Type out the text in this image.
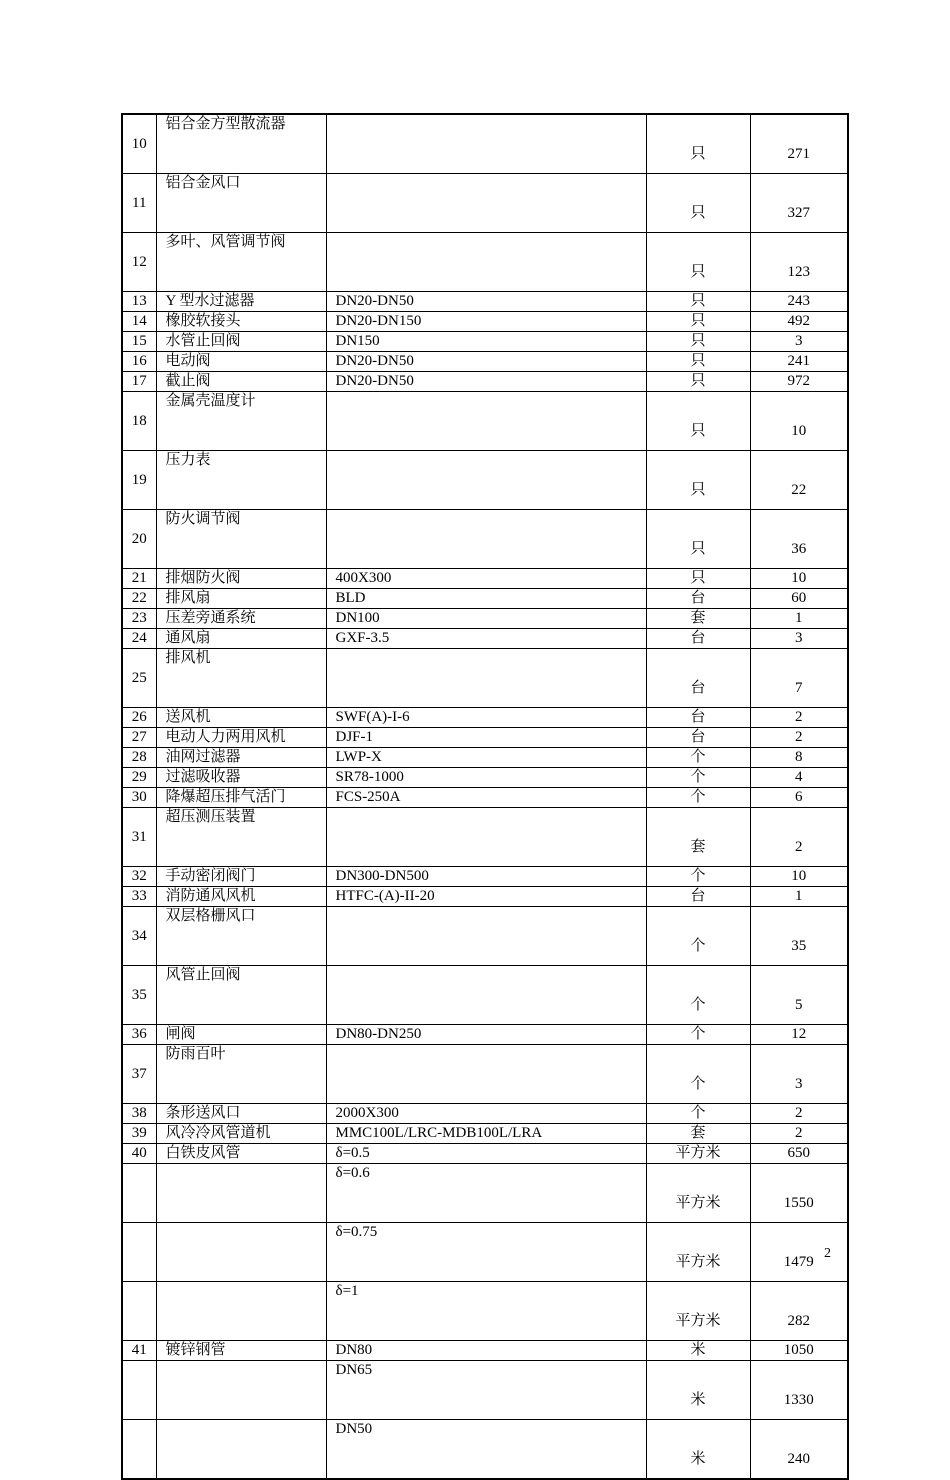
10	铝合金方型散流器		只	271
11	铝合金风口		只	327
12	多叶、风管调节阀		只	123
13	Y 型水过滤器	DN20-DN50	只	243
14	橡胶软接头	DN20-DN150	只	492
15	水管止回阀	DN150	只	3
16	电动阀	DN20-DN50	只	241
17	截止阀	DN20-DN50	只	972
18	金属壳温度计		只	10
19	压力表		只	22
20	防火调节阀		只	36
21	排烟防火阀	400X300	只	10
22	排风扇	BLD	台	60
23	压差旁通系统	DN100	套	1
24	通风扇	GXF-3.5	台	3
25	排风机		台	7
26	送风机	SWF(A)-I-6	台	2
27	电动人力两用风机	DJF-1	台	2
28	油网过滤器	LWP-X	个	8
29	过滤吸收器	SR78-1000	个	4
30	降爆超压排气活门	FCS-250A	个	6
31	超压测压装置		套	2
32	手动密闭阀门	DN300-DN500	个	10
33	消防通风风机	HTFC-(A)-II-20	台	1
34	双层格栅风口		个	35
35	风管止回阀		个	5
36	闸阀	DN80-DN250	个	12
37	防雨百叶		个	3
38	条形送风口	2000X300	个	2
39	风冷冷风管道机	MMC100L/LRC-MDB100L/LRA	套	2
40	白铁皮风管	δ=0.5	平方米	650
		δ=0.6	平方米	1550
		δ=0.75	平方米	1479
		δ=1	平方米	282
41	镀锌钢管	DN80	米	1050
		DN65	米	1330
		DN50	米	240
2
